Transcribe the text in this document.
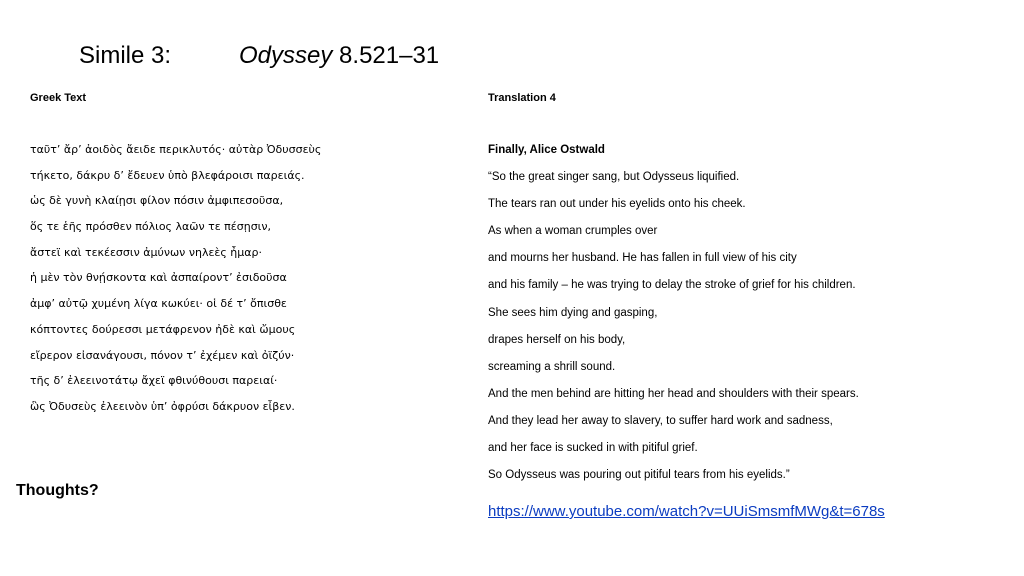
Simile 3:	Odyssey 8.521–31
Greek Text	Translation 4
ταῦτ’ ἄρ’ ἀοιδὸς ἄειδε περικλυτός· αὐτὰρ Ὀδυσσεὺς
τήκετο, δάκρυ δ’ ἔδευεν ὑπὸ βλεφάροισι παρειάς.
ὡς δὲ γυνὴ κλαίῃσι φίλον πόσιν ἀμφιπεσοῦσα,
ὅς τε ἑῆς πρόσθεν πόλιος λαῶν τε πέσῃσιν,
ἄστεϊ καὶ τεκέεσσιν ἀμύνων νηλεὲς ἦμαρ·
ἡ μὲν τὸν θνῄσκοντα καὶ ἀσπαίροντ’ ἐσιδοῦσα
ἀμφ’ αὐτῷ χυμένη λίγα κωκύει· οἱ δέ τ’ ὄπισθε
κόπτοντες δούρεσσι μετάφρενον ἠδὲ καὶ ὤμους
εἴρερον εἰσανάγουσι, πόνον τ’ ἐχέμεν καὶ ὀϊζύν·
τῆς δ’ ἐλεεινοτάτῳ ἄχεϊ φθινύθουσι παρειαί·
ὣς Ὀδυσεὺς ἐλεεινὸν ὑπ’ ὀφρύσι δάκρυον εἶβεν.
Finally, Alice Ostwald
“So the great singer sang, but Odysseus liquified.
The tears ran out under his eyelids onto his cheek.
As when a woman crumples over
and mourns her husband. He has fallen in full view of his city
and his family – he was trying to delay the stroke of grief for his children.
She sees him dying and gasping,
drapes herself on his body,
screaming a shrill sound.
And the men behind are hitting her head and shoulders with their spears.
And they lead her away to slavery, to suffer hard work and sadness,
and her face is sucked in with pitiful grief.
So Odysseus was pouring out pitiful tears from his eyelids.”
Thoughts?
https://www.youtube.com/watch?v=UUiSmsmfMWg&t=678s
